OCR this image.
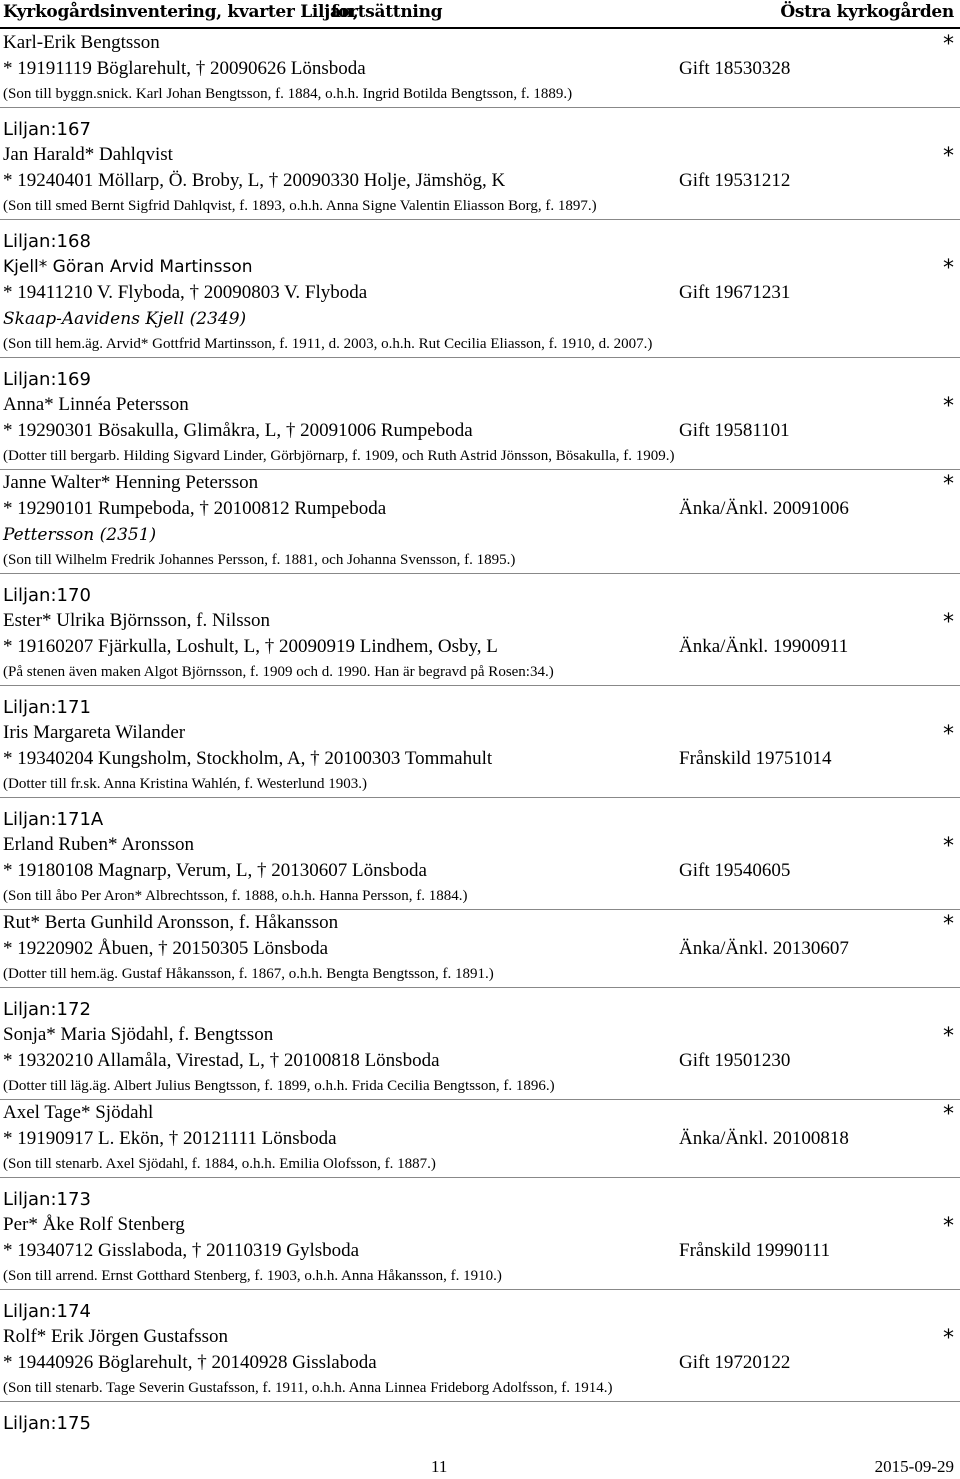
Kyrkogårdsinventering, kvarter Liljan,
fortsättning	Östra kyrkogården
Karl-Erik Bengtsson	*
* 19191119 Böglarehult, † 20090626 Lönsboda	Gift 18530328
(Son till byggn.snick. Karl Johan Bengtsson, f. 1884, o.h.h. Ingrid Botilda Bengtsson, f. 1889.)
Liljan:167
Jan Harald* Dahlqvist	*
* 19240401 Möllarp, Ö. Broby, L, † 20090330 Holje, Jämshög, K	Gift 19531212
(Son till smed Bernt Sigfrid Dahlqvist, f. 1893, o.h.h. Anna Signe Valentin Eliasson Borg, f. 1897.)
Liljan:168
Kjell* Göran Arvid Martinsson	*
* 19411210 V. Flyboda, † 20090803 V. Flyboda	Gift 19671231
Skaap-Aavidens Kjell (2349)
(Son till hem.äg. Arvid* Gottfrid Martinsson, f. 1911, d. 2003, o.h.h. Rut Cecilia Eliasson, f. 1910, d. 2007.)
Liljan:169
Anna* Linnéa Petersson	*
* 19290301 Bösakulla, Glimåkra, L, † 20091006 Rumpeboda	Gift 19581101
(Dotter till bergarb. Hilding Sigvard Linder, Görbjörnarp, f. 1909, och Ruth Astrid Jönsson, Bösakulla, f. 1909.)
Janne Walter* Henning Petersson	*
* 19290101 Rumpeboda, † 20100812 Rumpeboda	Änka/Änkl. 20091006
Pettersson (2351)
(Son till Wilhelm Fredrik Johannes Persson, f. 1881, och Johanna Svensson, f. 1895.)
Liljan:170
Ester* Ulrika Björnsson, f. Nilsson	*
* 19160207 Fjärkulla, Loshult, L, † 20090919 Lindhem, Osby, L	Änka/Änkl. 19900911
(På stenen även maken Algot Björnsson, f. 1909 och d. 1990. Han är begravd på Rosen:34.)
Liljan:171
Iris Margareta Wilander	*
* 19340204 Kungsholm, Stockholm, A, † 20100303 Tommahult	Frånskild 19751014
(Dotter till fr.sk. Anna Kristina Wahlén, f. Westerlund 1903.)
Liljan:171A
Erland Ruben* Aronsson	*
* 19180108 Magnarp, Verum, L, † 20130607 Lönsboda	Gift 19540605
(Son till åbo Per Aron* Albrechtsson, f. 1888, o.h.h. Hanna Persson, f. 1884.)
Rut* Berta Gunhild Aronsson, f. Håkansson	*
* 19220902 Åbuen, † 20150305 Lönsboda	Änka/Änkl. 20130607
(Dotter till hem.äg. Gustaf Håkansson, f. 1867, o.h.h. Bengta Bengtsson, f. 1891.)
Liljan:172
Sonja* Maria Sjödahl, f. Bengtsson	*
* 19320210 Allamåla, Virestad, L, † 20100818 Lönsboda	Gift 19501230
(Dotter till läg.äg. Albert Julius Bengtsson, f. 1899, o.h.h. Frida Cecilia Bengtsson, f. 1896.)
Axel Tage* Sjödahl	*
* 19190917 L. Ekön, † 20121111 Lönsboda	Änka/Änkl. 20100818
(Son till stenarb. Axel Sjödahl, f. 1884, o.h.h. Emilia Olofsson, f. 1887.)
Liljan:173
Per* Åke Rolf Stenberg	*
* 19340712 Gisslaboda, † 20110319 Gylsboda	Frånskild 19990111
(Son till arrend. Ernst Gotthard Stenberg, f. 1903, o.h.h. Anna Håkansson, f. 1910.)
Liljan:174
Rolf* Erik Jörgen Gustafsson	*
* 19440926 Böglarehult, † 20140928 Gisslaboda	Gift 19720122
(Son till stenarb. Tage Severin Gustafsson, f. 1911, o.h.h. Anna Linnea Frideborg Adolfsson, f. 1914.)
Liljan:175
11	2015-09-29
